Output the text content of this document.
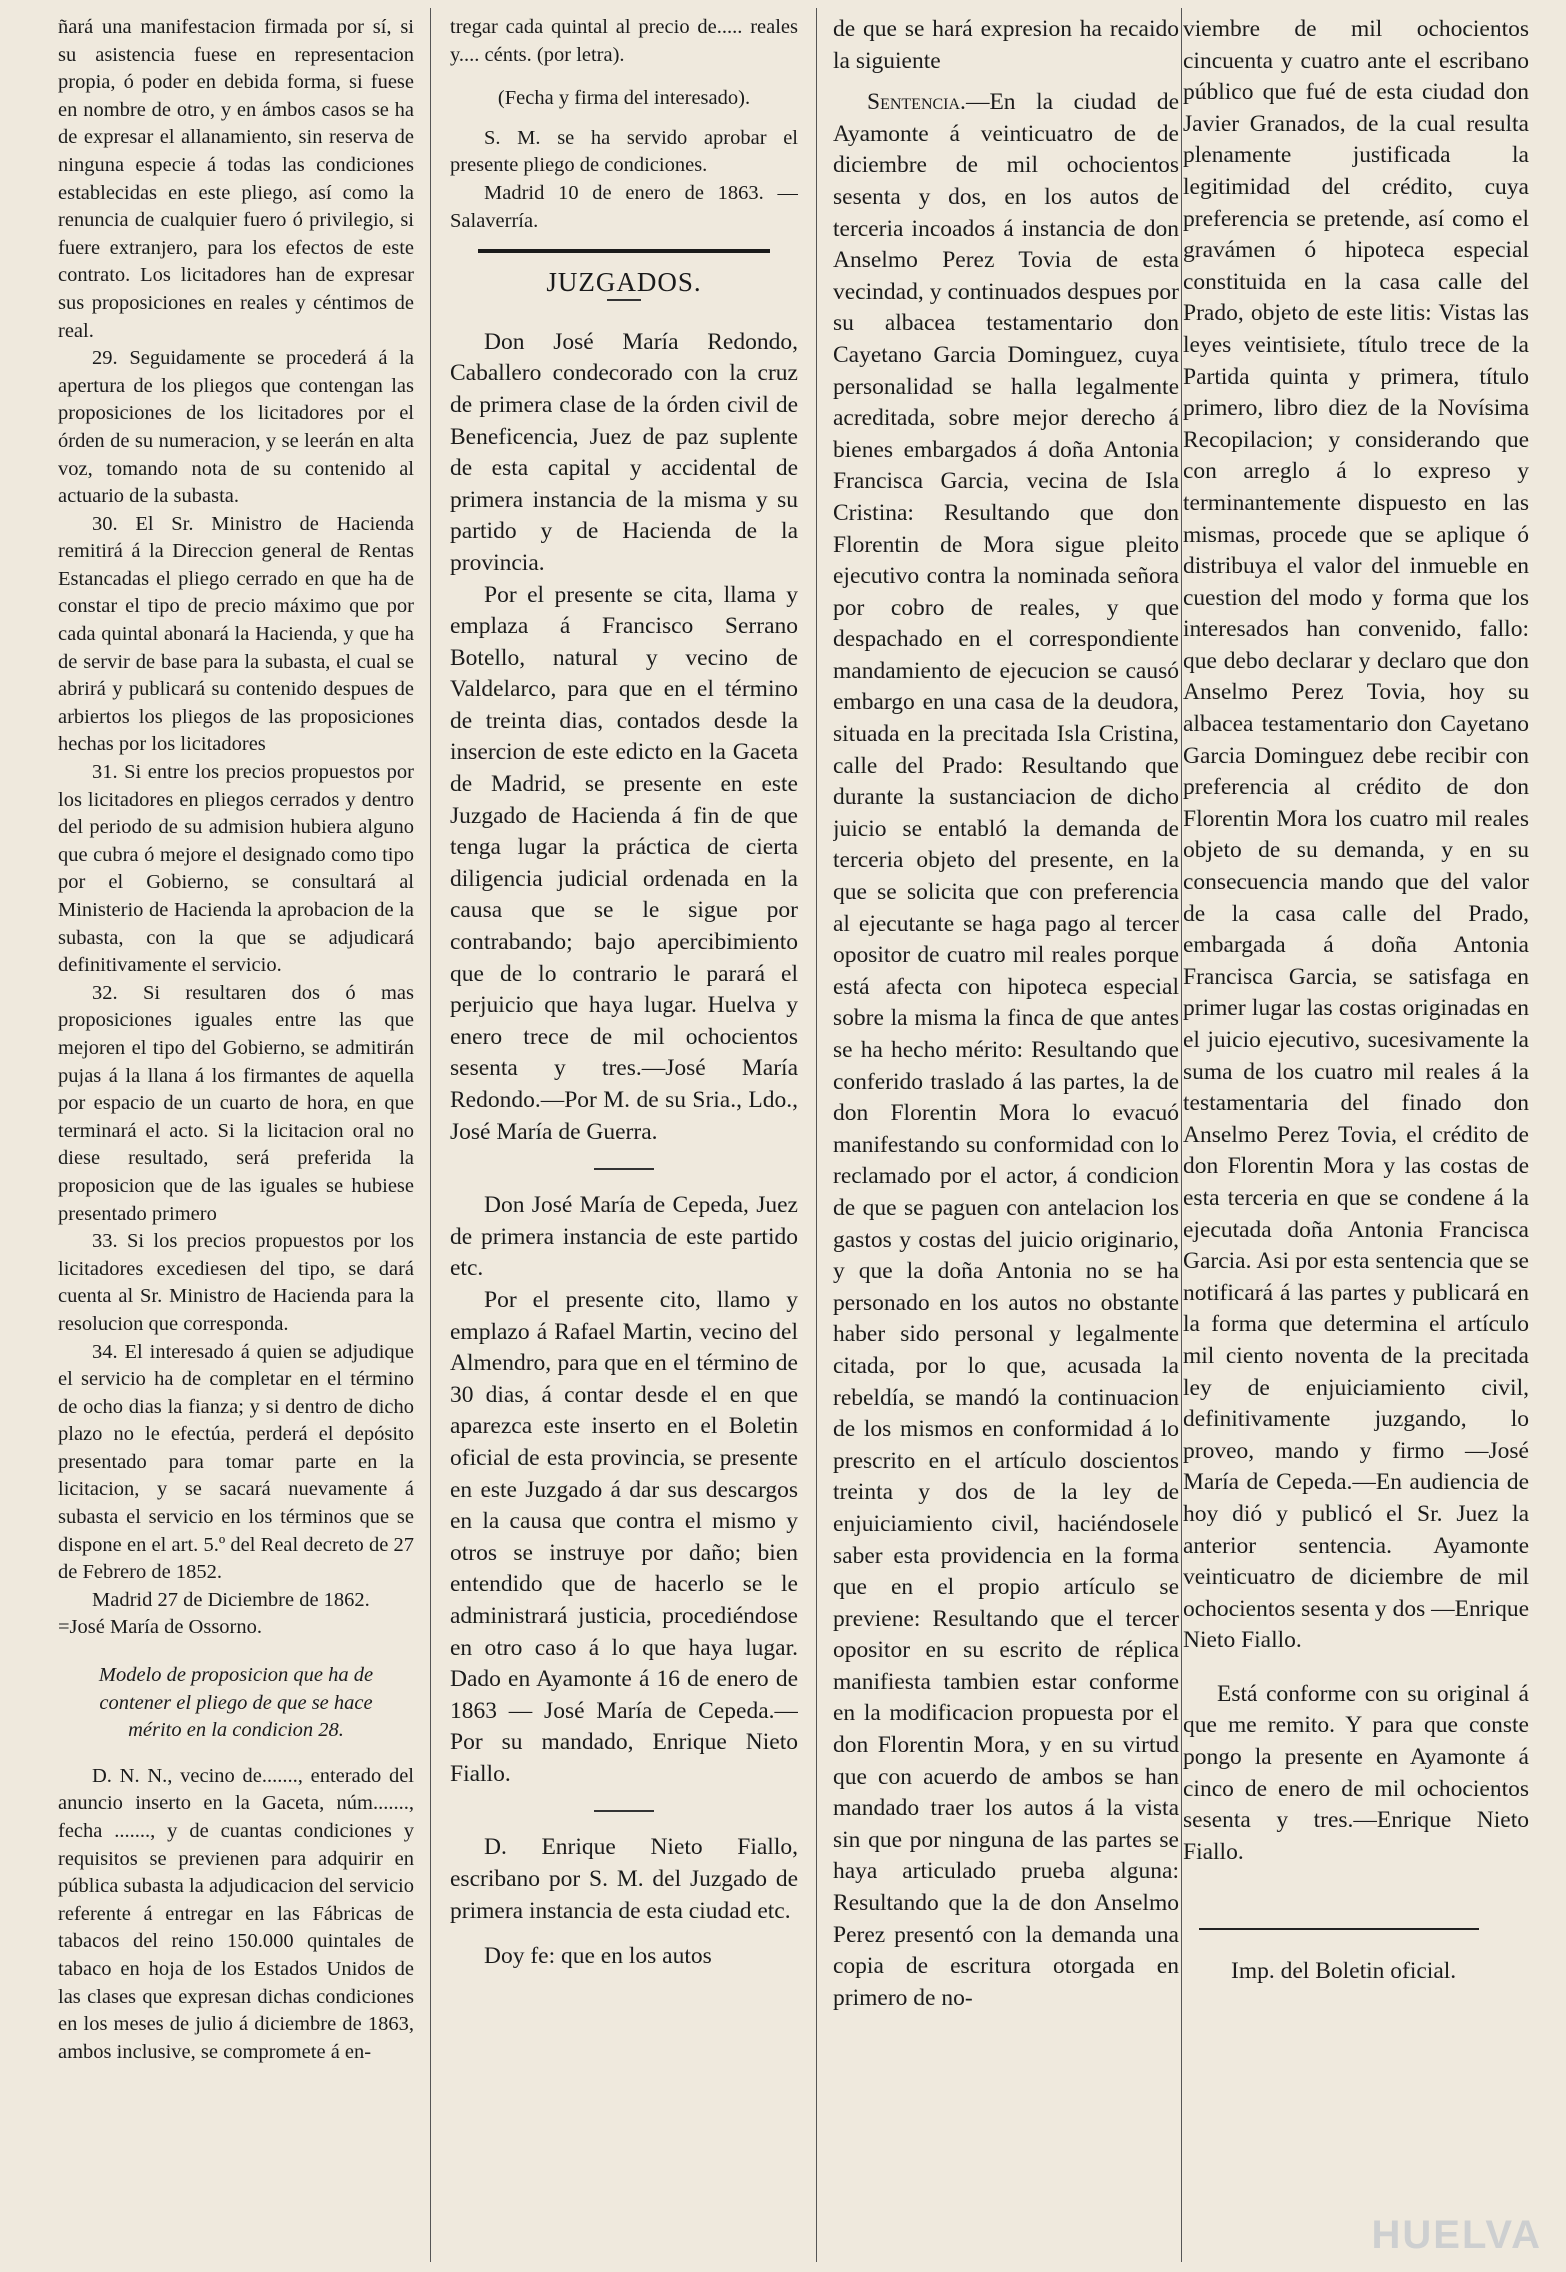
ñará una manifestacion firmada por sí, si su asistencia fuese en representacion propia, ó poder en debida forma, si fuese en nombre de otro, y en ámbos casos se ha de expresar el allanamiento, sin reserva de ninguna especie á todas las condiciones establecidas en este pliego, así como la renuncia de cualquier fuero ó privilegio, si fuere extranjero, para los efectos de este contrato. Los licitadores han de expresar sus proposiciones en reales y céntimos de real.

29. Seguidamente se procederá á la apertura de los pliegos que contengan las proposiciones de los licitadores por el órden de su numeracion, y se leerán en alta voz, tomando nota de su contenido al actuario de la subasta.

30. El Sr. Ministro de Hacienda remitirá á la Direccion general de Rentas Estancadas el pliego cerrado en que ha de constar el tipo de precio máximo que por cada quintal abonará la Hacienda, y que ha de servir de base para la subasta, el cual se abrirá y publicará su contenido despues de arbiertos los pliegos de las proposiciones hechas por los licitadores

31. Si entre los precios propuestos por los licitadores en pliegos cerrados y dentro del periodo de su admision hubiera alguno que cubra ó mejore el designado como tipo por el Gobierno, se consultará al Ministerio de Hacienda la aprobacion de la subasta, con la que se adjudicará definitivamente el servicio.

32. Si resultaren dos ó mas proposiciones iguales entre las que mejoren el tipo del Gobierno, se admitirán pujas á la llana á los firmantes de aquella por espacio de un cuarto de hora, en que terminará el acto. Si la licitacion oral no diese resultado, será preferida la proposicion que de las iguales se hubiese presentado primero

33. Si los precios propuestos por los licitadores excediesen del tipo, se dará cuenta al Sr. Ministro de Hacienda para la resolucion que corresponda.

34. El interesado á quien se adjudique el servicio ha de completar en el término de ocho dias la fianza; y si dentro de dicho plazo no le efectúa, perderá el depósito presentado para tomar parte en la licitacion, y se sacará nuevamente á subasta el servicio en los términos que se dispone en el art. 5.º del Real decreto de 27 de Febrero de 1852.

Madrid 27 de Diciembre de 1862.

=José María de Ossorno.

Modelo de proposicion que ha de contener el pliego de que se hace mérito en la condicion 28.

D. N. N., vecino de......., enterado del anuncio inserto en la Gaceta, núm......., fecha ......., y de cuantas condiciones y requisitos se previenen para adquirir en pública subasta la adjudicacion del servicio referente á entregar en las Fábricas de tabacos del reino 150.000 quintales de tabaco en hoja de los Estados Unidos de las clases que expresan dichas condiciones en los meses de julio á diciembre de 1863, ambos inclusive, se compromete á en-

tregar cada quintal al precio de..... reales y.... cénts. (por letra).

(Fecha y firma del interesado).

S. M. se ha servido aprobar el presente pliego de condiciones.

Madrid 10 de enero de 1863. — Salaverría.

JUZGADOS.

Don José María Redondo, Caballero condecorado con la cruz de primera clase de la órden civil de Beneficencia, Juez de paz suplente de esta capital y accidental de primera instancia de la misma y su partido y de Hacienda de la provincia.

Por el presente se cita, llama y emplaza á Francisco Serrano Botello, natural y vecino de Valdelarco, para que en el término de treinta dias, contados desde la insercion de este edicto en la Gaceta de Madrid, se presente en este Juzgado de Hacienda á fin de que tenga lugar la práctica de cierta diligencia judicial ordenada en la causa que se le sigue por contrabando; bajo apercibimiento que de lo contrario le parará el perjuicio que haya lugar. Huelva y enero trece de mil ochocientos sesenta y tres.—José María Redondo.—Por M. de su Sria., Ldo., José María de Guerra.

Don José María de Cepeda, Juez de primera instancia de este partido etc.

Por el presente cito, llamo y emplazo á Rafael Martin, vecino del Almendro, para que en el término de 30 dias, á contar desde el en que aparezca este inserto en el Boletin oficial de esta provincia, se presente en este Juzgado á dar sus descargos en la causa que contra el mismo y otros se instruye por daño; bien entendido que de hacerlo se le administrará justicia, procediéndose en otro caso á lo que haya lugar. Dado en Ayamonte á 16 de enero de 1863 — José María de Cepeda.—Por su mandado, Enrique Nieto Fiallo.

D. Enrique Nieto Fiallo, escribano por S. M. del Juzgado de primera instancia de esta ciudad etc.

Doy fe: que en los autos

de que se hará expresion ha recaido la siguiente

Sentencia.—En la ciudad de Ayamonte á veinticuatro de de diciembre de mil ochocientos sesenta y dos, en los autos de terceria incoados á instancia de don Anselmo Perez Tovia de esta vecindad, y continuados despues por su albacea testamentario don Cayetano Garcia Dominguez, cuya personalidad se halla legalmente acreditada, sobre mejor derecho á bienes embargados á doña Antonia Francisca Garcia, vecina de Isla Cristina: Resultando que don Florentin de Mora sigue pleito ejecutivo contra la nominada señora por cobro de reales, y que despachado en el correspondiente mandamiento de ejecucion se causó embargo en una casa de la deudora, situada en la precitada Isla Cristina, calle del Prado: Resultando que durante la sustanciacion de dicho juicio se entabló la demanda de terceria objeto del presente, en la que se solicita que con preferencia al ejecutante se haga pago al tercer opositor de cuatro mil reales porque está afecta con hipoteca especial sobre la misma la finca de que antes se ha hecho mérito: Resultando que conferido traslado á las partes, la de don Florentin Mora lo evacuó manifestando su conformidad con lo reclamado por el actor, á condicion de que se paguen con antelacion los gastos y costas del juicio originario, y que la doña Antonia no se ha personado en los autos no obstante haber sido personal y legalmente citada, por lo que, acusada la rebeldía, se mandó la continuacion de los mismos en conformidad á lo prescrito en el artículo doscientos treinta y dos de la ley de enjuiciamiento civil, haciéndosele saber esta providencia en la forma que en el propio artículo se previene: Resultando que el tercer opositor en su escrito de réplica manifiesta tambien estar conforme en la modificacion propuesta por el don Florentin Mora, y en su virtud que con acuerdo de ambos se han mandado traer los autos á la vista sin que por ninguna de las partes se haya articulado prueba alguna: Resultando que la de don Anselmo Perez presentó con la demanda una copia de escritura otorgada en primero de no-

viembre de mil ochocientos cincuenta y cuatro ante el escribano público que fué de esta ciudad don Javier Granados, de la cual resulta plenamente justificada la legitimidad del crédito, cuya preferencia se pretende, así como el gravámen ó hipoteca especial constituida en la casa calle del Prado, objeto de este litis: Vistas las leyes veintisiete, título trece de la Partida quinta y primera, título primero, libro diez de la Novísima Recopilacion; y considerando que con arreglo á lo expreso y terminantemente dispuesto en las mismas, procede que se aplique ó distribuya el valor del inmueble en cuestion del modo y forma que los interesados han convenido, fallo: que debo declarar y declaro que don Anselmo Perez Tovia, hoy su albacea testamentario don Cayetano Garcia Dominguez debe recibir con preferencia al crédito de don Florentin Mora los cuatro mil reales objeto de su demanda, y en su consecuencia mando que del valor de la casa calle del Prado, embargada á doña Antonia Francisca Garcia, se satisfaga en primer lugar las costas originadas en el juicio ejecutivo, sucesivamente la suma de los cuatro mil reales á la testamentaria del finado don Anselmo Perez Tovia, el crédito de don Florentin Mora y las costas de esta terceria en que se condene á la ejecutada doña Antonia Francisca Garcia. Asi por esta sentencia que se notificará á las partes y publicará en la forma que determina el artículo mil ciento noventa de la precitada ley de enjuiciamiento civil, definitivamente juzgando, lo proveo, mando y firmo —José María de Cepeda.—En audiencia de hoy dió y publicó el Sr. Juez la anterior sentencia. Ayamonte veinticuatro de diciembre de mil ochocientos sesenta y dos —Enrique Nieto Fiallo.

Está conforme con su original á que me remito. Y para que conste pongo la presente en Ayamonte á cinco de enero de mil ochocientos sesenta y tres.—Enrique Nieto Fiallo.

Imp. del Boletin oficial.

HUELVA
